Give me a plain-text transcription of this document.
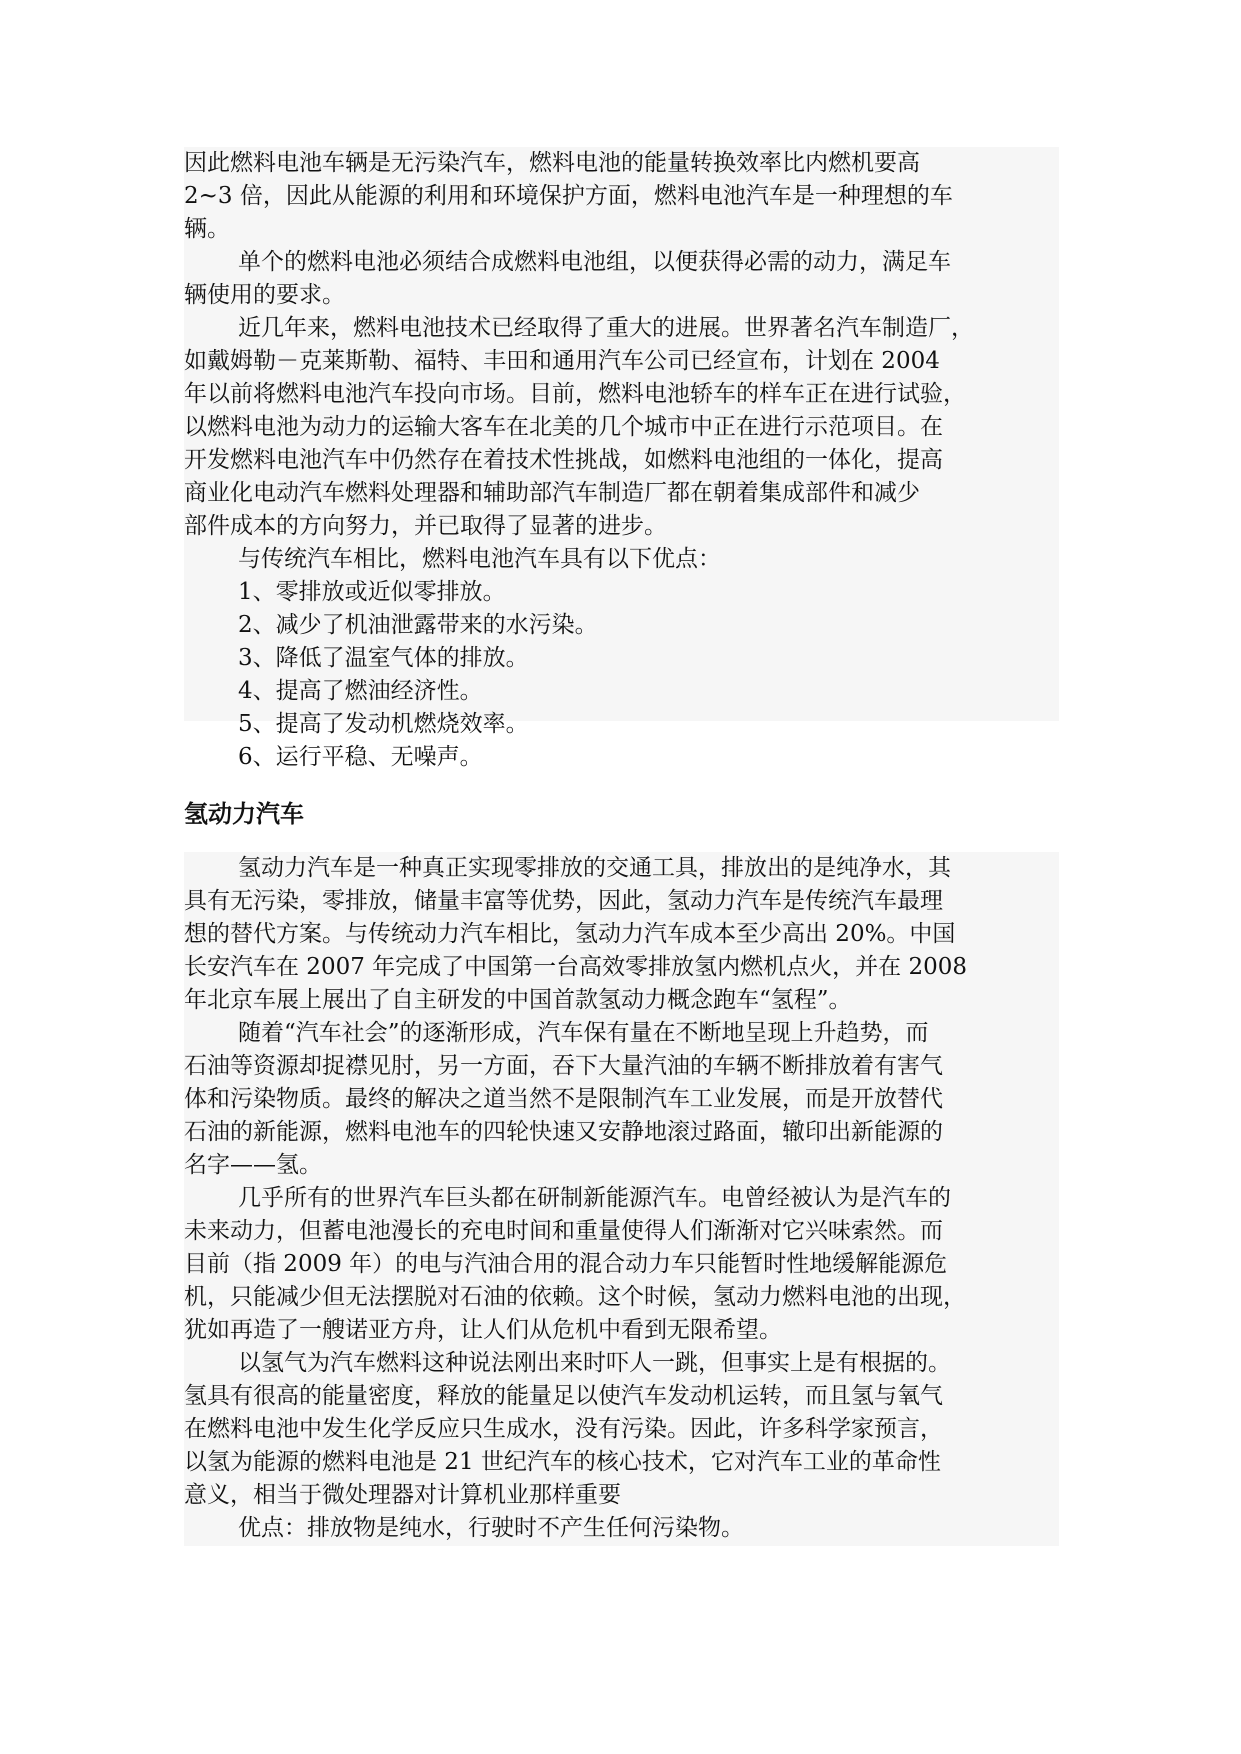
因此燃料电池车辆是无污染汽车，燃料电池的能量转换效率比内燃机要高
2~3 倍，因此从能源的利用和环境保护方面，燃料电池汽车是一种理想的车
辆。
单个的燃料电池必须结合成燃料电池组，以便获得必需的动力，满足车
辆使用的要求。
近几年来，燃料电池技术已经取得了重大的进展。世界著名汽车制造厂，
如戴姆勒－克莱斯勒、福特、丰田和通用汽车公司已经宣布，计划在 2004
年以前将燃料电池汽车投向市场。目前，燃料电池轿车的样车正在进行试验，
以燃料电池为动力的运输大客车在北美的几个城市中正在进行示范项目。在
开发燃料电池汽车中仍然存在着技术性挑战，如燃料电池组的一体化，提高
商业化电动汽车燃料处理器和辅助部汽车制造厂都在朝着集成部件和减少
部件成本的方向努力，并已取得了显著的进步。
与传统汽车相比，燃料电池汽车具有以下优点：
1、零排放或近似零排放。
2、减少了机油泄露带来的水污染。
3、降低了温室气体的排放。
4、提高了燃油经济性。
5、提高了发动机燃烧效率。
6、运行平稳、无噪声。
氢动力汽车
氢动力汽车是一种真正实现零排放的交通工具，排放出的是纯净水，其
具有无污染，零排放，储量丰富等优势，因此，氢动力汽车是传统汽车最理
想的替代方案。与传统动力汽车相比，氢动力汽车成本至少高出 20%。中国
长安汽车在 2007 年完成了中国第一台高效零排放氢内燃机点火，并在 2008
年北京车展上展出了自主研发的中国首款氢动力概念跑车“氢程”。
随着“汽车社会”的逐渐形成，汽车保有量在不断地呈现上升趋势，而
石油等资源却捉襟见肘，另一方面，吞下大量汽油的车辆不断排放着有害气
体和污染物质。最终的解决之道当然不是限制汽车工业发展，而是开放替代
石油的新能源，燃料电池车的四轮快速又安静地滚过路面，辙印出新能源的
名字——氢。
几乎所有的世界汽车巨头都在研制新能源汽车。电曾经被认为是汽车的
未来动力，但蓄电池漫长的充电时间和重量使得人们渐渐对它兴味索然。而
目前（指 2009 年）的电与汽油合用的混合动力车只能暂时性地缓解能源危
机，只能减少但无法摆脱对石油的依赖。这个时候，氢动力燃料电池的出现，
犹如再造了一艘诺亚方舟，让人们从危机中看到无限希望。
以氢气为汽车燃料这种说法刚出来时吓人一跳，但事实上是有根据的。
氢具有很高的能量密度，释放的能量足以使汽车发动机运转，而且氢与氧气
在燃料电池中发生化学反应只生成水，没有污染。因此，许多科学家预言，
以氢为能源的燃料电池是 21 世纪汽车的核心技术，它对汽车工业的革命性
意义，相当于微处理器对计算机业那样重要
优点：排放物是纯水，行驶时不产生任何污染物。
